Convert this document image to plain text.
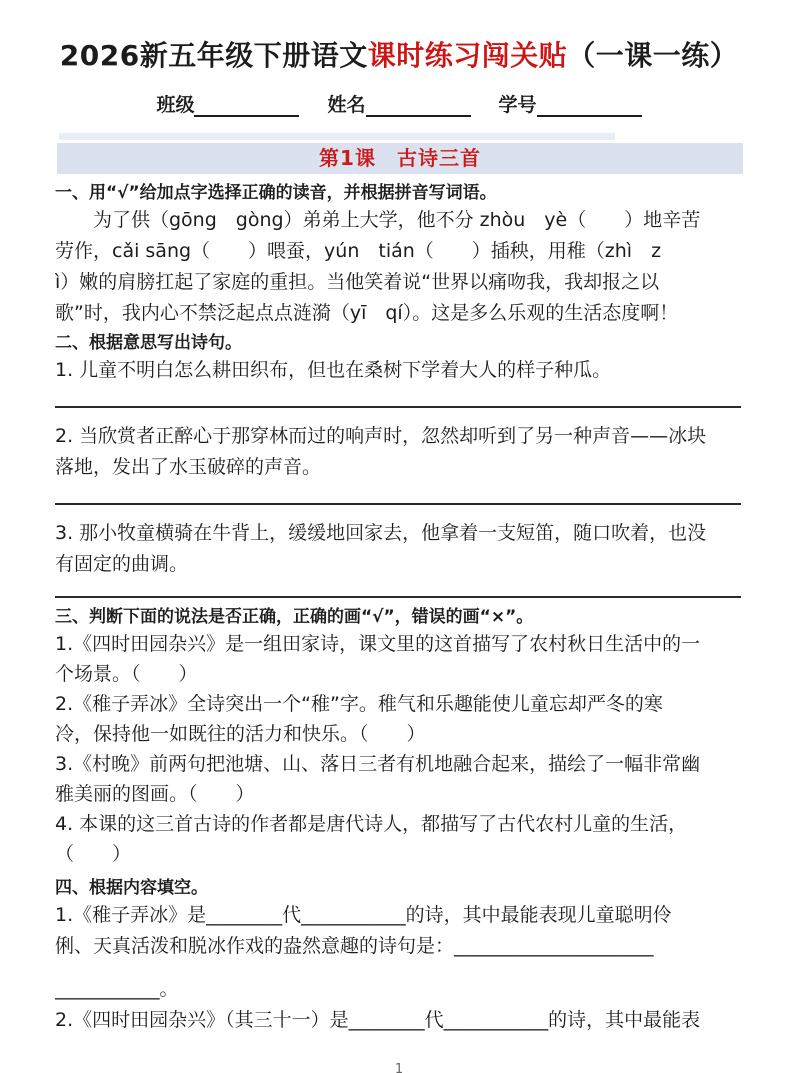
2026新五年级下册语文课时练习闯关贴（一课一练）
班级	姓名	学号
第1课　古诗三首
一、用“√”给加点字选择正确的读音，并根据拼音写词语。
为了供（gōng　gòng）弟弟上大学，他不分 zhòu　yè（　　）地辛苦
劳作，cǎi sāng（　　）喂蚕，yún　tián（　　）插秧，用稚（zhì　z
ì）嫩的肩膀扛起了家庭的重担。当他笑着说“世界以痛吻我，我却报之以
歌”时，我内心不禁泛起点点涟漪（yī　qí）。这是多么乐观的生活态度啊！
二、根据意思写出诗句。
1. 儿童不明白怎么耕田织布，但也在桑树下学着大人的样子种瓜。
2. 当欣赏者正醉心于那穿林而过的响声时，忽然却听到了另一种声音——冰块
落地，发出了水玉破碎的声音。
3. 那小牧童横骑在牛背上，缓缓地回家去，他拿着一支短笛，随口吹着，也没
有固定的曲调。
三、判断下面的说法是否正确，正确的画“√”，错误的画“×”。
1.《四时田园杂兴》是一组田家诗，课文里的这首描写了农村秋日生活中的一
个场景。（　　）
2.《稚子弄冰》全诗突出一个“稚”字。稚气和乐趣能使儿童忘却严冬的寒
冷，保持他一如既往的活力和快乐。（　　）
3.《村晚》前两句把池塘、山、落日三者有机地融合起来，描绘了一幅非常幽
雅美丽的图画。（　　）
4. 本课的这三首古诗的作者都是唐代诗人，都描写了古代农村儿童的生活，
（　　）
四、根据内容填空。
1.《稚子弄冰》是________代___________的诗，其中最能表现儿童聪明伶
俐、天真活泼和脱冰作戏的盎然意趣的诗句是：_____________________
___________。
2.《四时田园杂兴》（其三十一）是________代___________的诗，其中最能表
1
